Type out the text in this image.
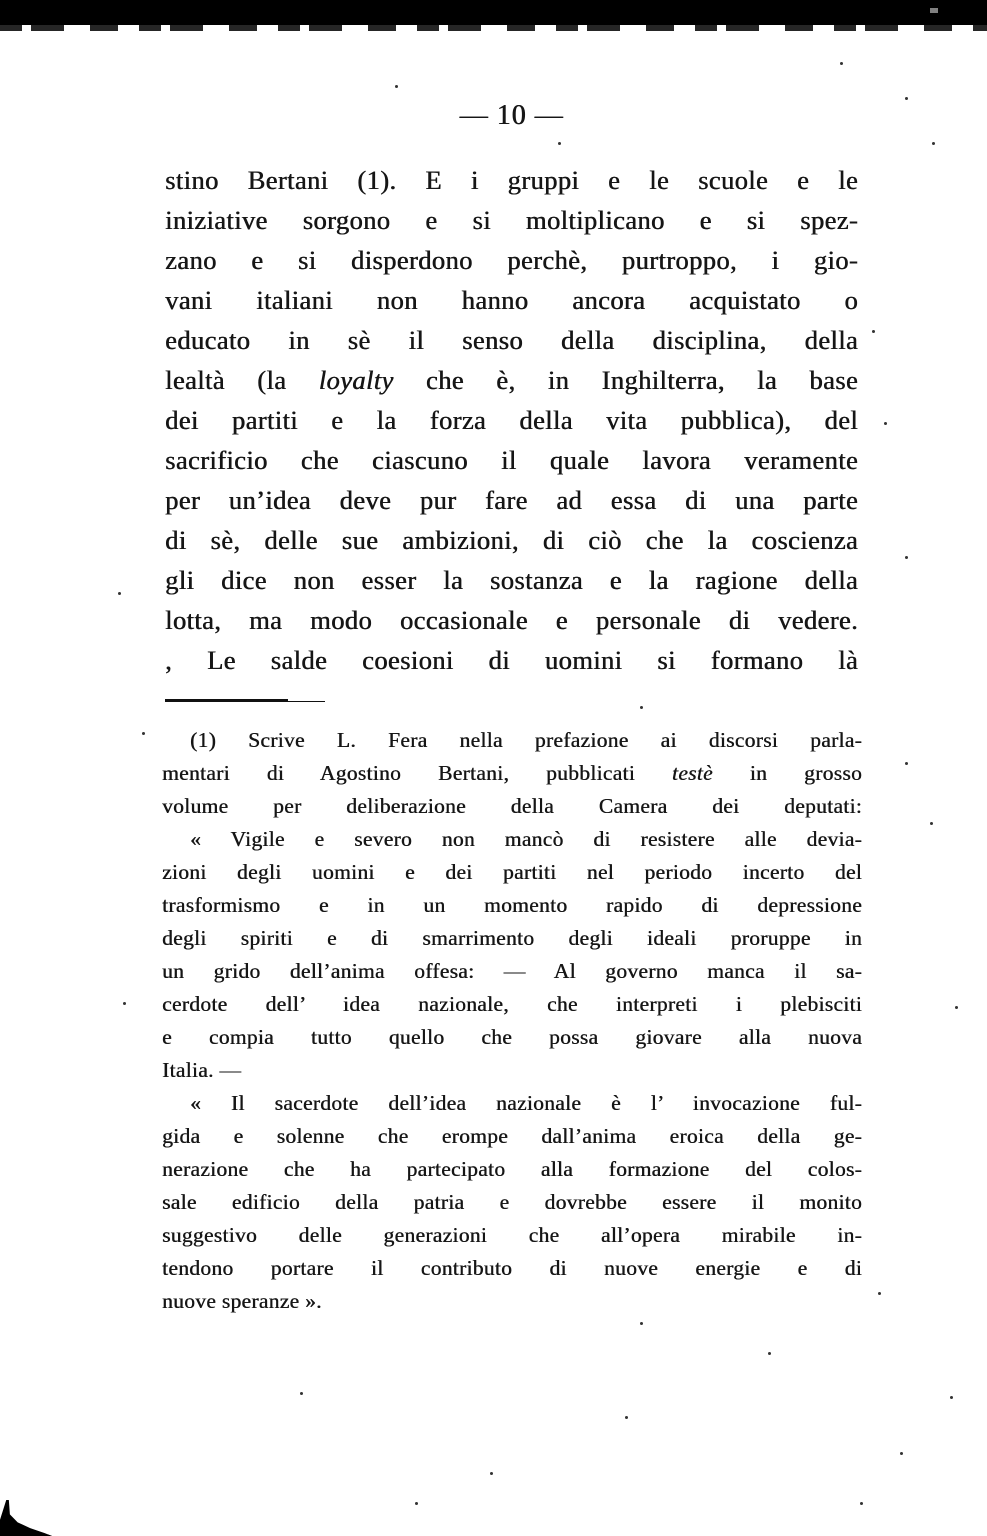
— 10 —
stino Bertani (1). E i gruppi e le scuole e le
iniziative sorgono e si moltiplicano e si spez-
zano e si disperdono perchè, purtroppo, i gio-
vani italiani non hanno ancora acquistato o
educato in sè il senso della disciplina, della
lealtà (la loyalty che è, in Inghilterra, la base
dei partiti e la forza della vita pubblica), del
sacrificio che ciascuno il quale lavora veramente
per un’idea deve pur fare ad essa di una parte
di sè, delle sue ambizioni, di ciò che la coscienza
gli dice non esser la sostanza e la ragione della
lotta, ma modo occasionale e personale di vedere.
, Le salde coesioni di uomini si formano là
(1) Scrive L. Fera nella prefazione ai discorsi parla-
mentari di Agostino Bertani, pubblicati testè in grosso
volume per deliberazione della Camera dei deputati:
« Vigile e severo non mancò di resistere alle devia-
zioni degli uomini e dei partiti nel periodo incerto del
trasformismo e in un momento rapido di depressione
degli spiriti e di smarrimento degli ideali proruppe in
un grido dell’anima offesa: — Al governo manca il sa-
cerdote dell’ idea nazionale, che interpreti i plebisciti
e compia tutto quello che possa giovare alla nuova
Italia. —
« Il sacerdote dell’idea nazionale è l’ invocazione ful-
gida e solenne che erompe dall’anima eroica della ge-
nerazione che ha partecipato alla formazione del colos-
sale edificio della patria e dovrebbe essere il monito
suggestivo delle generazioni che all’opera mirabile in-
tendono portare il contributo di nuove energie e di
nuove speranze ».
